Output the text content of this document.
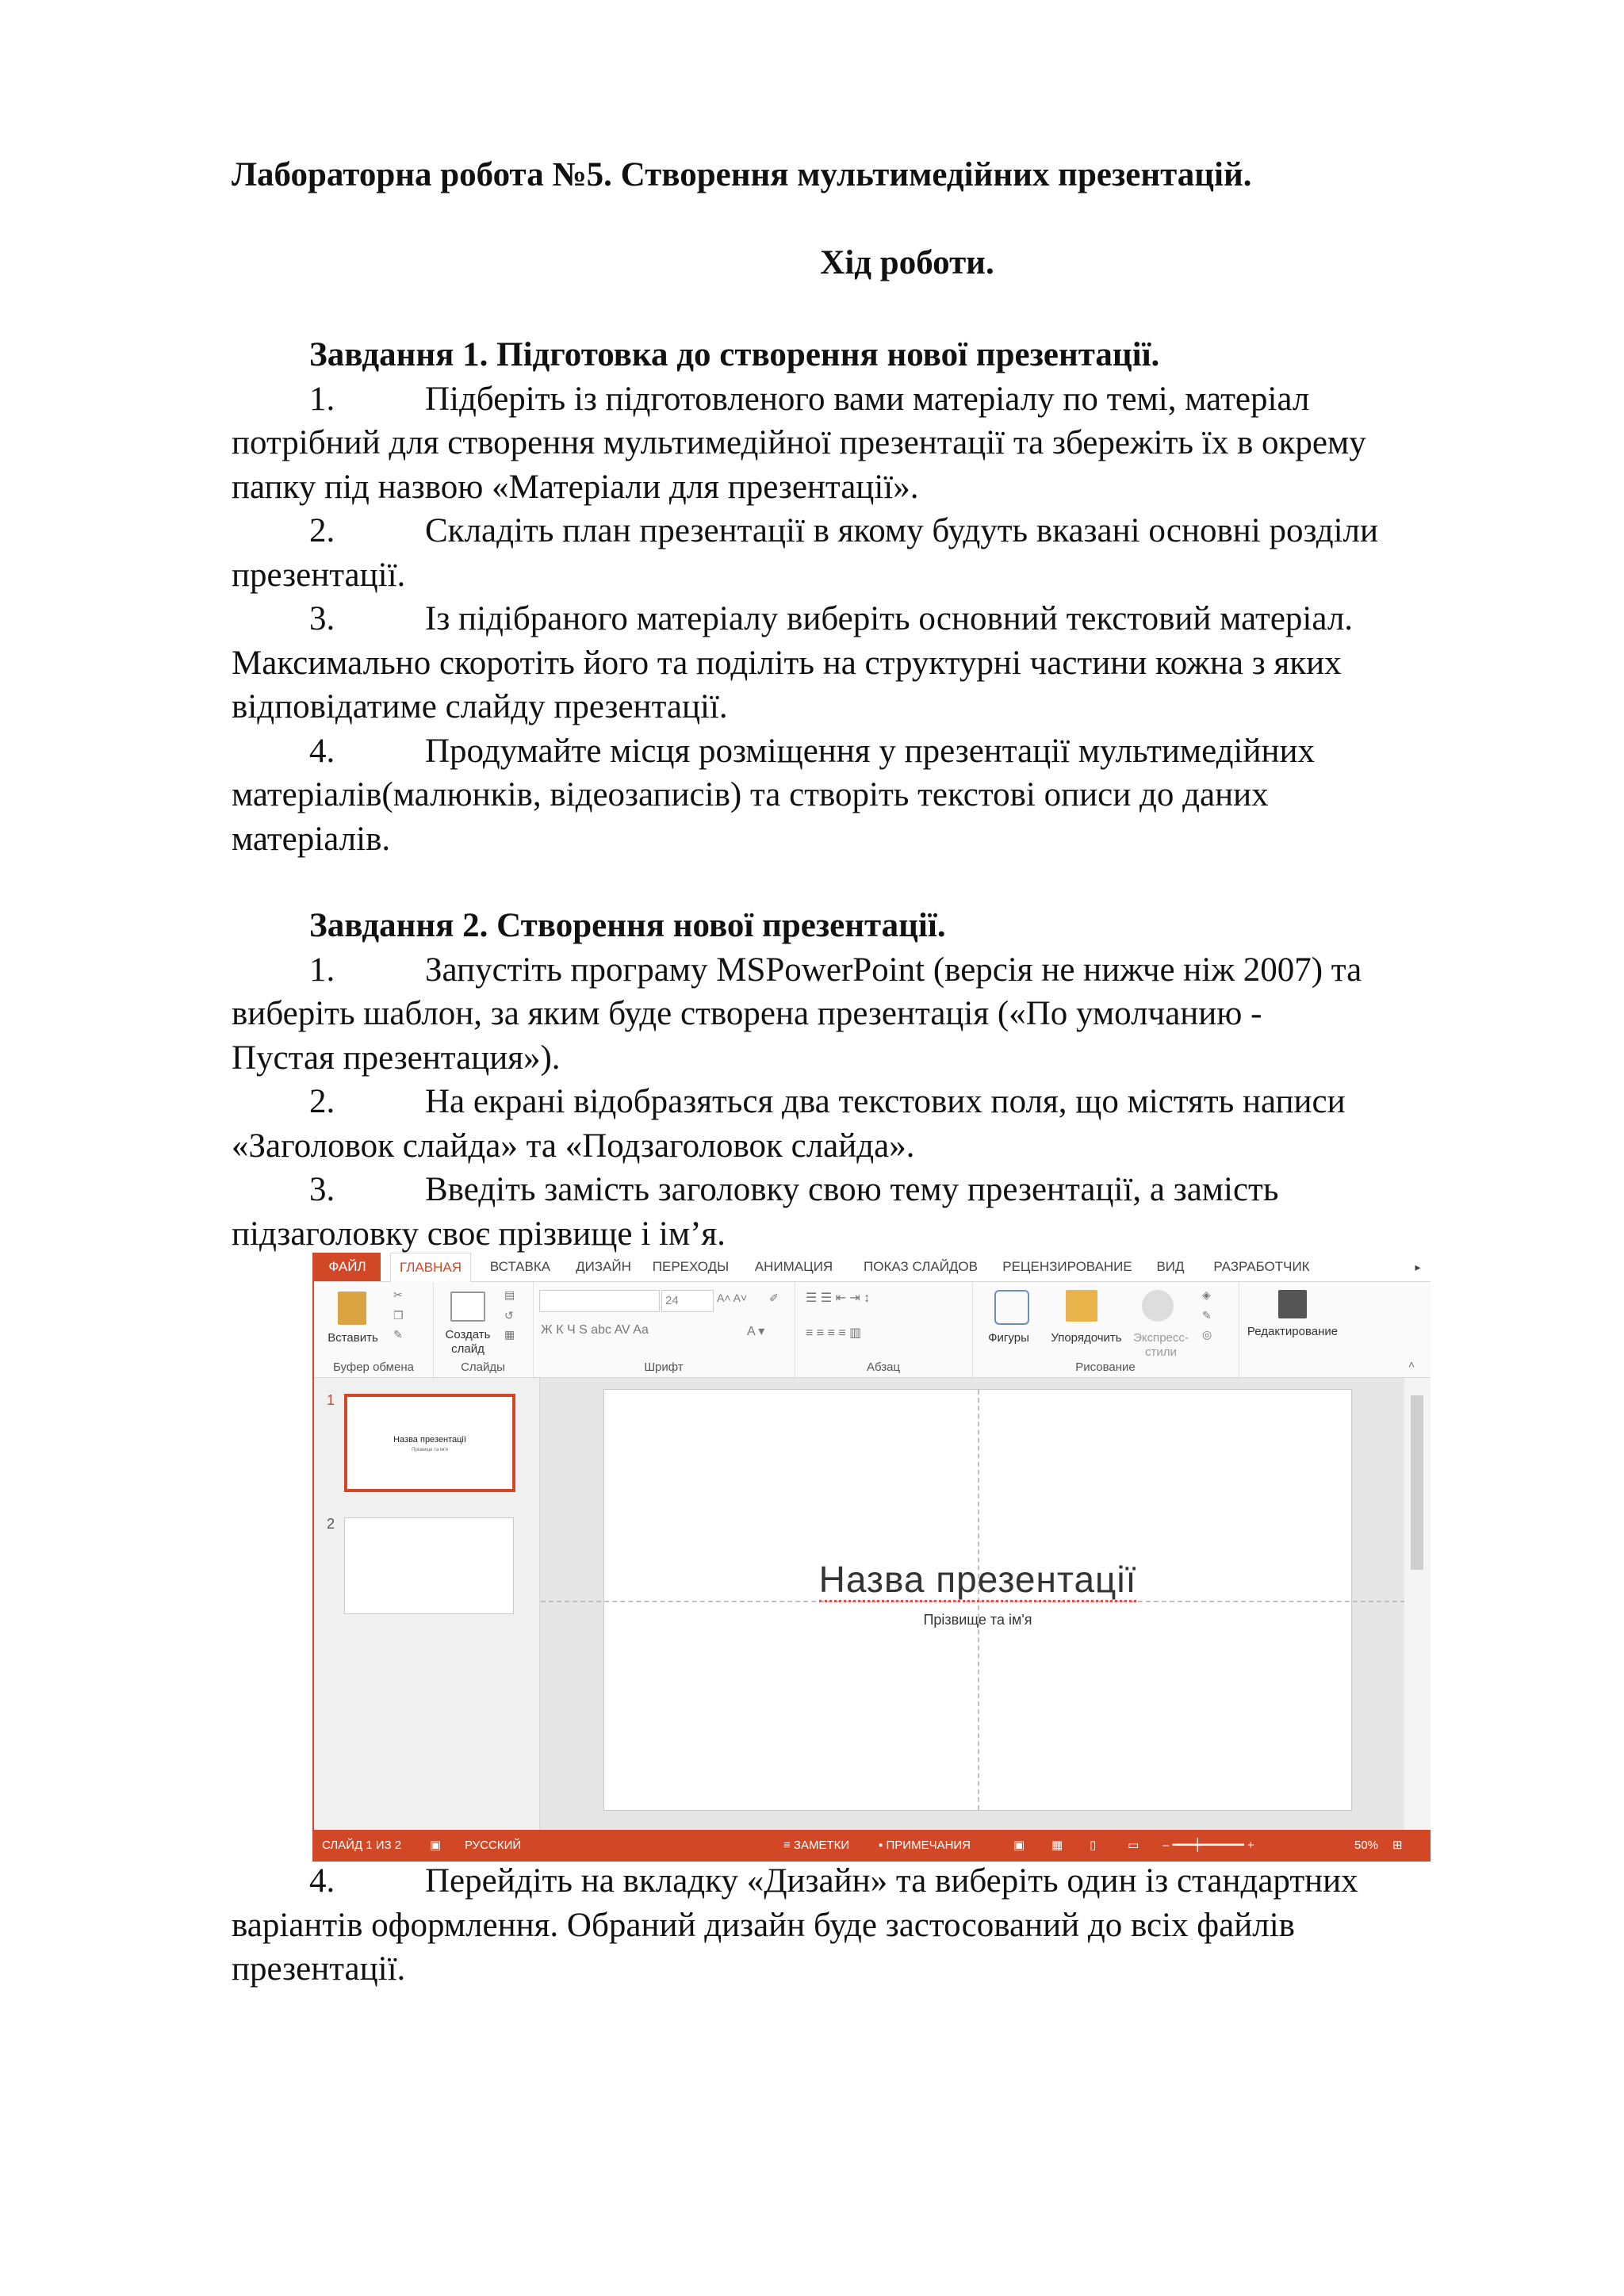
Лабораторна робота №5. Створення мультимедійних презентацій.
Хід роботи.

Завдання 1. Підготовка до створення нової презентації.

1.	Підберіть із підготовленого вами матеріалу по темі, матеріал

потрібний для створення мультимедійної презентації та збережіть їх в окрему

папку під назвою «Матеріали для презентації».

2.	Складіть план презентації в якому будуть вказані основні розділи

презентації.

3.	Із підібраного матеріалу виберіть основний текстовий матеріал.

Максимально скоротіть його та поділіть на структурні частини кожна з яких

відповідатиме слайду презентації.

4.	Продумайте місця розміщення у презентації мультимедійних

матеріалів(малюнків, відеозаписів) та створіть текстові описи до даних

матеріалів.

Завдання 2. Створення нової презентації.

1.	Запустіть програму MSPowerPoint (версія не нижче ніж 2007) та

виберіть шаблон, за яким буде створена презентація («По умолчанию -

Пустая презентация»).

2.	На екрані відобразяться два текстових поля, що містять написи

«Заголовок слайда» та «Подзаголовок слайда».

3.	Введіть замість заголовку свою тему презентації, а замість

підзаголовку своє прізвище і ім’я.

4.	Перейдіть на вкладку «Дизайн» та виберіть один із стандартних

варіантів оформлення. Обраний дизайн буде застосований до всіх файлів

презентації.

ФАЙЛ	ГЛАВНАЯ	ВСТАВКА	ДИЗАЙН	ПЕРЕХОДЫ	АНИМАЦИЯ	ПОКАЗ СЛАЙДОВ	РЕЦЕНЗИРОВАНИЕ	ВИД	РАЗРАБОТЧИК	▸
Вставить
✂
❐
✎
Буфер обмена
Создать
слайд
▤
↺
▦
Слайды
24	A˄ A˅ ✐
Ж К Ч S abc AV Aa	A ▾
Шрифт
☰ ☰ ⇤ ⇥ ↕
≡ ≡ ≡ ≡ ▥
Абзац
Фигуры	Упорядочить Экспресс-
стили
◈
✎
◎
Рисование
Редактирование
˄
1
Назва презентації
Прізвище та ім'я
2
Назва презентації
Прізвище та ім'я
СЛАЙД 1 ИЗ 2 ▣ РУССКИЙ	≡ ЗАМЕТКИ ▪ ПРИМЕЧАНИЯ	▣ ▦ ▯	▭ – ━━━┿━━━━━━ +	50% ⊞
